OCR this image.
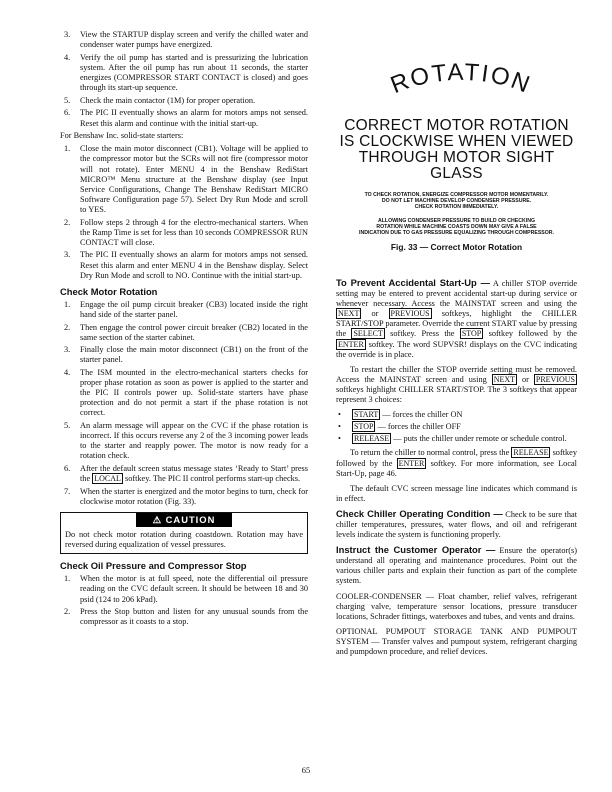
3. View the STARTUP display screen and verify the chilled water and condenser water pumps have energized.
4. Verify the oil pump has started and is pressurizing the lubrication system. After the oil pump has run about 11 seconds, the starter energizes (COMPRESSOR START CONTACT is closed) and goes through its start-up sequence.
5. Check the main contactor (1M) for proper operation.
6. The PIC II eventually shows an alarm for motors amps not sensed. Reset this alarm and continue with the initial start-up.
For Benshaw Inc. solid-state starters:
1. Close the main motor disconnect (CB1). Voltage will be applied to the compressor motor but the SCRs will not fire (compressor motor will not rotate). Enter MENU 4 in the Benshaw RediStart MICRO™ Menu structure at the Benshaw display (see Input Service Configurations, Change The Benshaw RediStart MICRO Software Configuration page 57). Select Dry Run Mode and scroll to YES.
2. Follow steps 2 through 4 for the electro-mechanical starters. When the Ramp Time is set for less than 10 seconds COMPRESSOR RUN CONTACT will close.
3. The PIC II eventually shows an alarm for motors amps not sensed. Reset this alarm and enter MENU 4 in the Benshaw display. Select Dry Run Mode and scroll to NO. Continue with the initial start-up.
Check Motor Rotation
1. Engage the oil pump circuit breaker (CB3) located inside the right hand side of the starter panel.
2. Then engage the control power circuit breaker (CB2) located in the same section of the starter cabinet.
3. Finally close the main motor disconnect (CB1) on the front of the starter panel.
4. The ISM mounted in the electro-mechanical starters checks for proper phase rotation as soon as power is applied to the starter and the PIC II controls power up. Solid-state starters have phase protection and do not permit a start if the phase rotation is not correct.
5. An alarm message will appear on the CVC if the phase rotation is incorrect. If this occurs reverse any 2 of the 3 incoming power leads to the starter and reapply power. The motor is now ready for a rotation check.
6. After the default screen status message states ‘Ready to Start’ press the LOCAL softkey. The PIC II control performs start-up checks.
7. When the starter is energized and the motor begins to turn, check for clockwise motor rotation (Fig. 33).
⚠ CAUTION
Do not check motor rotation during coastdown. Rotation may have reversed during equalization of vessel pressures.
Check Oil Pressure and Compressor Stop
1. When the motor is at full speed, note the differential oil pressure reading on the CVC default screen. It should be between 18 and 30 psid (124 to 206 kPad).
2. Press the Stop button and listen for any unusual sounds from the compressor as it coasts to a stop.
ROTATION
CORRECT MOTOR ROTATION
IS CLOCKWISE WHEN VIEWED
THROUGH MOTOR SIGHT GLASS
TO CHECK ROTATION, ENERGIZE COMPRESSOR MOTOR MOMENTARILY.
DO NOT LET MACHINE DEVELOP CONDENSER PRESSURE.
CHECK ROTATION IMMEDIATELY.
ALLOWING CONDENSER PRESSURE TO BUILD OR CHECKING
ROTATION WHILE MACHINE COASTS DOWN MAY GIVE A FALSE
INDICATION DUE TO GAS PRESSURE EQUALIZING THROUGH COMPRESSOR.
Fig. 33 — Correct Motor Rotation
To Prevent Accidental Start-Up — A chiller STOP override setting may be entered to prevent accidental start-up during service or whenever necessary. Access the MAINSTAT screen and using the NEXT or PREVIOUS softkeys, highlight the CHILLER START/STOP parameter. Override the current START value by pressing the SELECT softkey. Press the STOP softkey followed by the ENTER softkey. The word SUPVSR! displays on the CVC indicating the override is in place.
To restart the chiller the STOP override setting must be removed. Access the MAINSTAT screen and using NEXT or PREVIOUS softkeys highlight CHILLER START/STOP. The 3 softkeys that appear represent 3 choices:
• START — forces the chiller ON
• STOP — forces the chiller OFF
• RELEASE — puts the chiller under remote or schedule control.
To return the chiller to normal control, press the RELEASE softkey followed by the ENTER softkey. For more information, see Local Start-Up, page 46.
The default CVC screen message line indicates which command is in effect.
Check Chiller Operating Condition — Check to be sure that chiller temperatures, pressures, water flows, and oil and refrigerant levels indicate the system is functioning properly.
Instruct the Customer Operator — Ensure the operator(s) understand all operating and maintenance procedures. Point out the various chiller parts and explain their function as part of the complete system.
COOLER-CONDENSER — Float chamber, relief valves, refrigerant charging valve, temperature sensor locations, pressure transducer locations, Schrader fittings, waterboxes and tubes, and vents and drains.
OPTIONAL PUMPOUT STORAGE TANK AND PUMPOUT SYSTEM — Transfer valves and pumpout system, refrigerant charging and pumpdown procedure, and relief devices.
65
